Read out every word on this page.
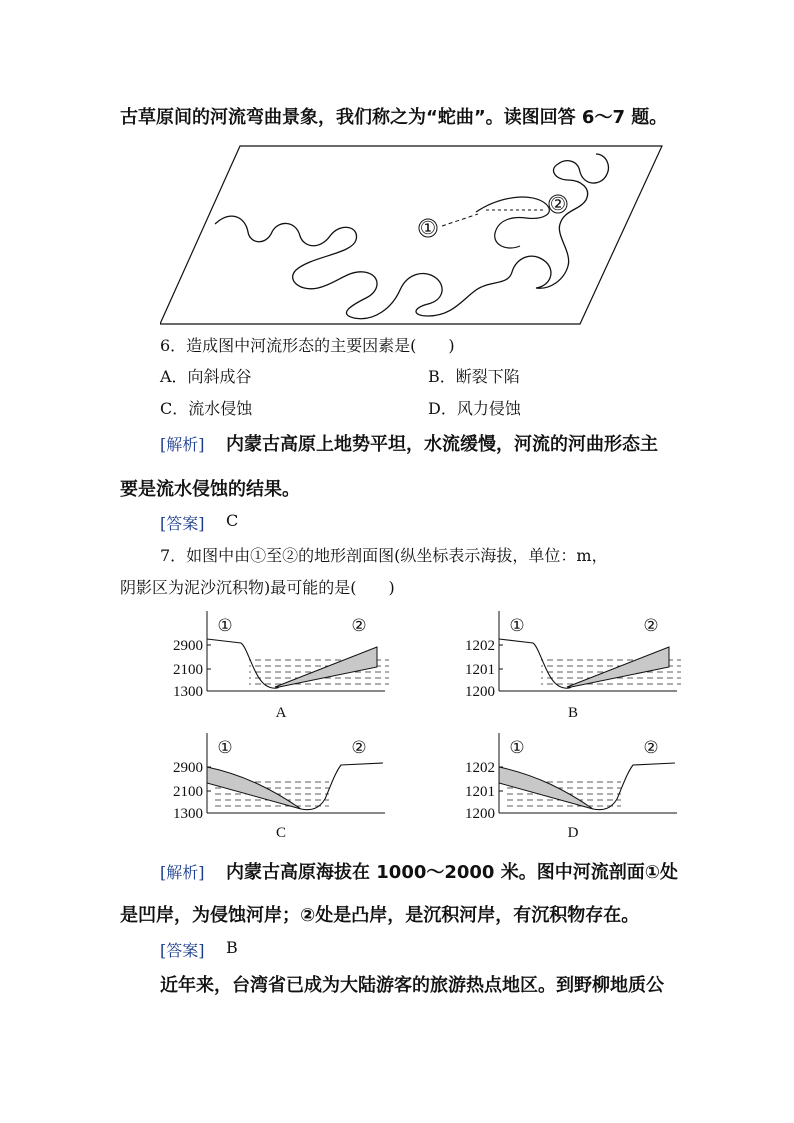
古草原间的河流弯曲景象，我们称之为“蛇曲”。读图回答 6～7 题。
①
②
6．造成图中河流形态的主要因素是(　　)
A．向斜成谷	B．断裂下陷
C．流水侵蚀	D．风力侵蚀
[解析] 内蒙古高原上地势平坦，水流缓慢，河流的河曲形态主
要是流水侵蚀的结果。
[答案] C
7．如图中由①至②的地形剖面图(纵坐标表示海拔，单位：m，
阴影区为泥沙沉积物)最可能的是(　　)
2900
2100
1300
①	②
A
1202
1201
1200
①	②
B
2900
2100
1300
①	②
C
1202
1201
1200
①	②
D
[解析] 内蒙古高原海拔在 1000～2000 米。图中河流剖面①处
是凹岸，为侵蚀河岸；②处是凸岸，是沉积河岸，有沉积物存在。
[答案] B
近年来，台湾省已成为大陆游客的旅游热点地区。到野柳地质公
